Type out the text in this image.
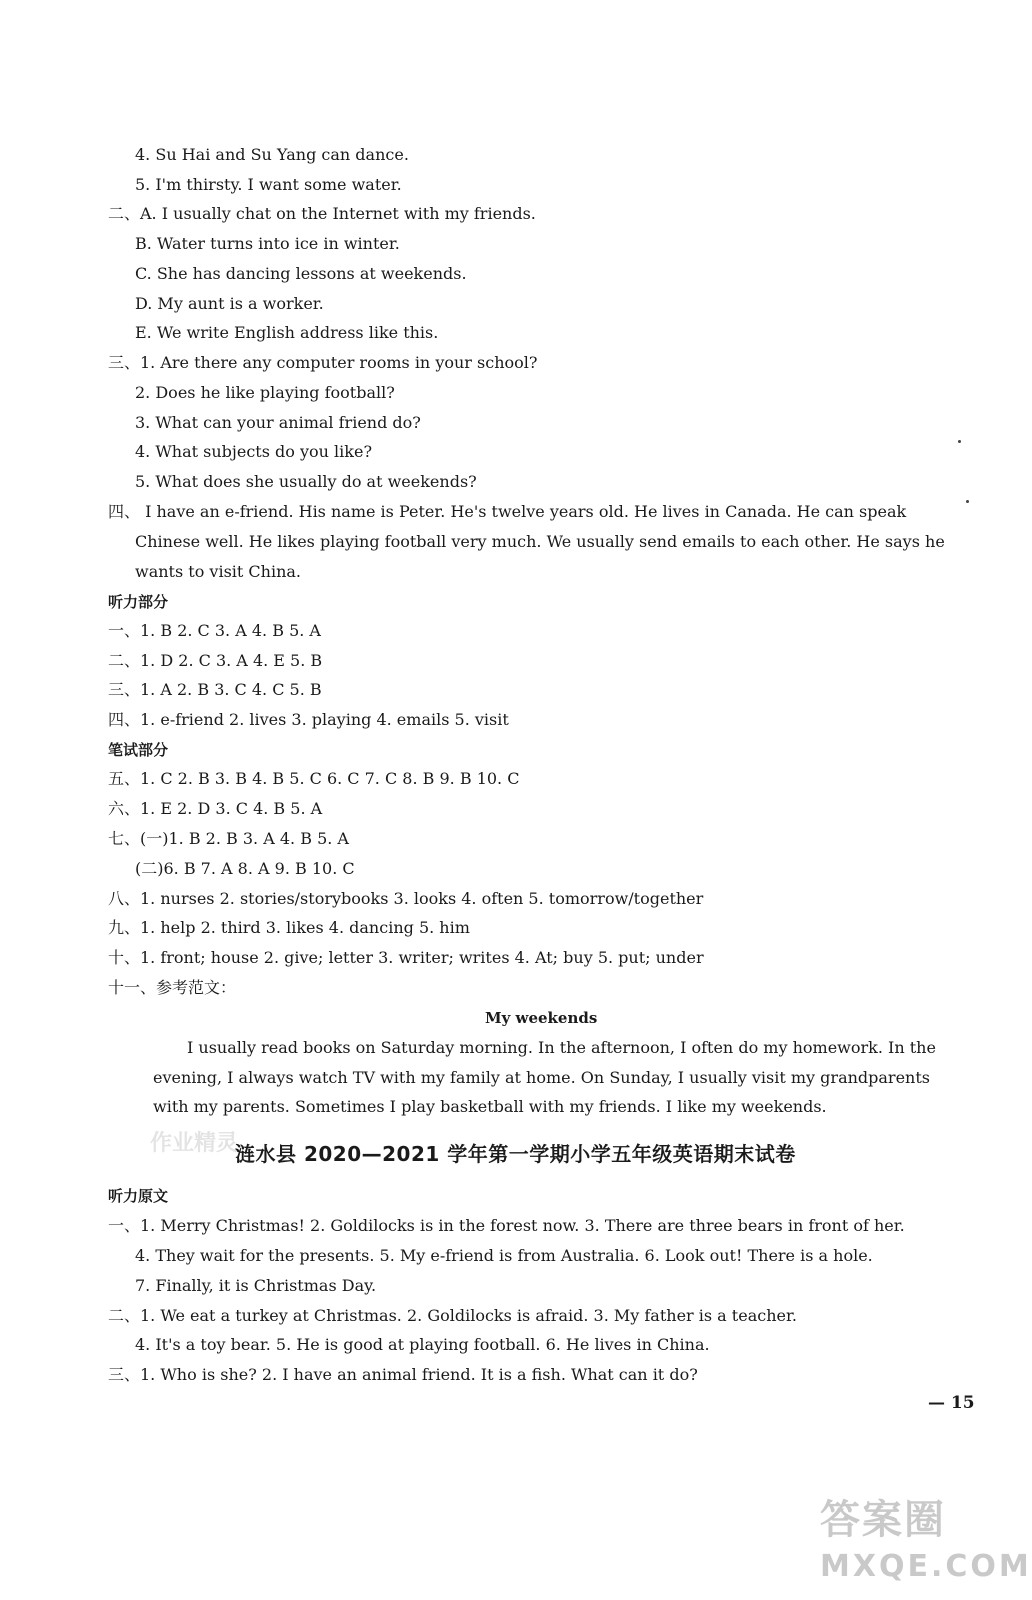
4. Su Hai and Su Yang can dance.
5. I'm thirsty. I want some water.
二、A. I usually chat on the Internet with my friends.
B. Water turns into ice in winter.
C. She has dancing lessons at weekends.
D. My aunt is a worker.
E. We write English address like this.
三、1. Are there any computer rooms in your school?
2. Does he like playing football?
3. What can your animal friend do?
4. What subjects do you like?
5. What does she usually do at weekends?
四、 I have an e-friend. His name is Peter. He's twelve years old. He lives in Canada. He can speak
Chinese well. He likes playing football very much. We usually send emails to each other. He says he
wants to visit China.
听力部分
一、1. B 2. C 3. A 4. B 5. A
二、1. D 2. C 3. A 4. E 5. B
三、1. A 2. B 3. C 4. C 5. B
四、1. e-friend 2. lives 3. playing 4. emails 5. visit
笔试部分
五、1. C 2. B 3. B 4. B 5. C 6. C 7. C 8. B 9. B 10. C
六、1. E 2. D 3. C 4. B 5. A
七、(一)1. B 2. B 3. A 4. B 5. A
(二)6. B 7. A 8. A 9. B 10. C
八、1. nurses 2. stories/storybooks 3. looks 4. often 5. tomorrow/together
九、1. help 2. third 3. likes 4. dancing 5. him
十、1. front; house 2. give; letter 3. writer; writes 4. At; buy 5. put; under
十一、参考范文：
My weekends
I usually read books on Saturday morning. In the afternoon, I often do my homework. In the
evening, I always watch TV with my family at home. On Sunday, I usually visit my grandparents
with my parents. Sometimes I play basketball with my friends. I like my weekends.
作业精灵
涟水县 2020—2021 学年第一学期小学五年级英语期末试卷
听力原文
一、1. Merry Christmas! 2. Goldilocks is in the forest now. 3. There are three bears in front of her.
4. They wait for the presents. 5. My e-friend is from Australia. 6. Look out! There is a hole.
7. Finally, it is Christmas Day.
二、1. We eat a turkey at Christmas. 2. Goldilocks is afraid. 3. My father is a teacher.
4. It's a toy bear. 5. He is good at playing football. 6. He lives in China.
三、1. Who is she? 2. I have an animal friend. It is a fish. What can it do?
— 15
答案圈
MXQE.COM
